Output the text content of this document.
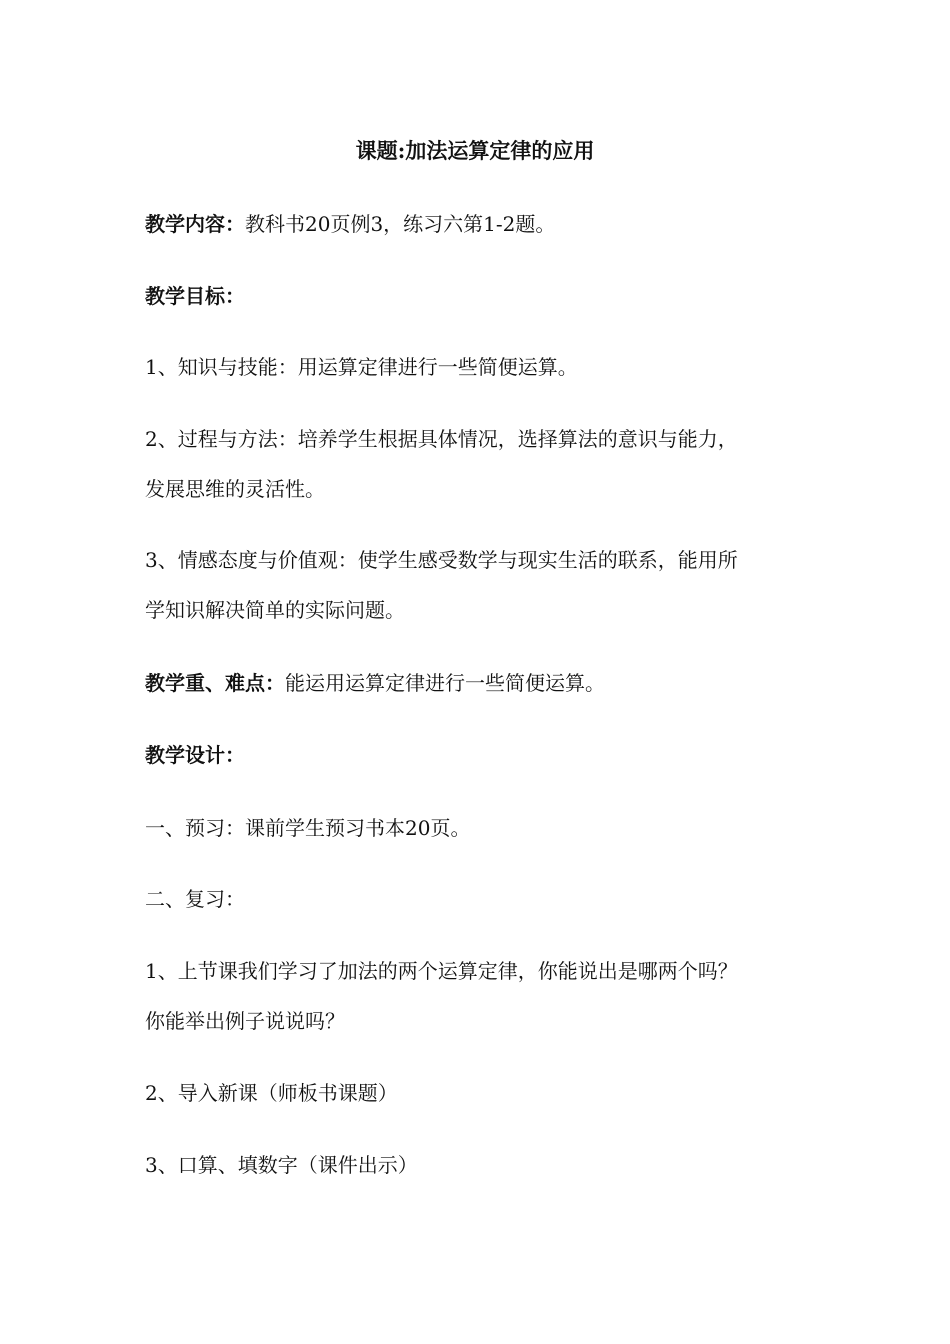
课题:加法运算定律的应用
教学内容：教科书20页例3，练习六第1-2题。
教学目标：
1、知识与技能：用运算定律进行一些简便运算。
2、过程与方法：培养学生根据具体情况，选择算法的意识与能力，
发展思维的灵活性。
3、情感态度与价值观：使学生感受数学与现实生活的联系，能用所
学知识解决简单的实际问题。
教学重、难点：能运用运算定律进行一些简便运算。
教学设计：
一、预习：课前学生预习书本20页。
二、复习：
1、上节课我们学习了加法的两个运算定律，你能说出是哪两个吗？
你能举出例子说说吗？
2、导入新课（师板书课题）
3、口算、填数字（课件出示）
